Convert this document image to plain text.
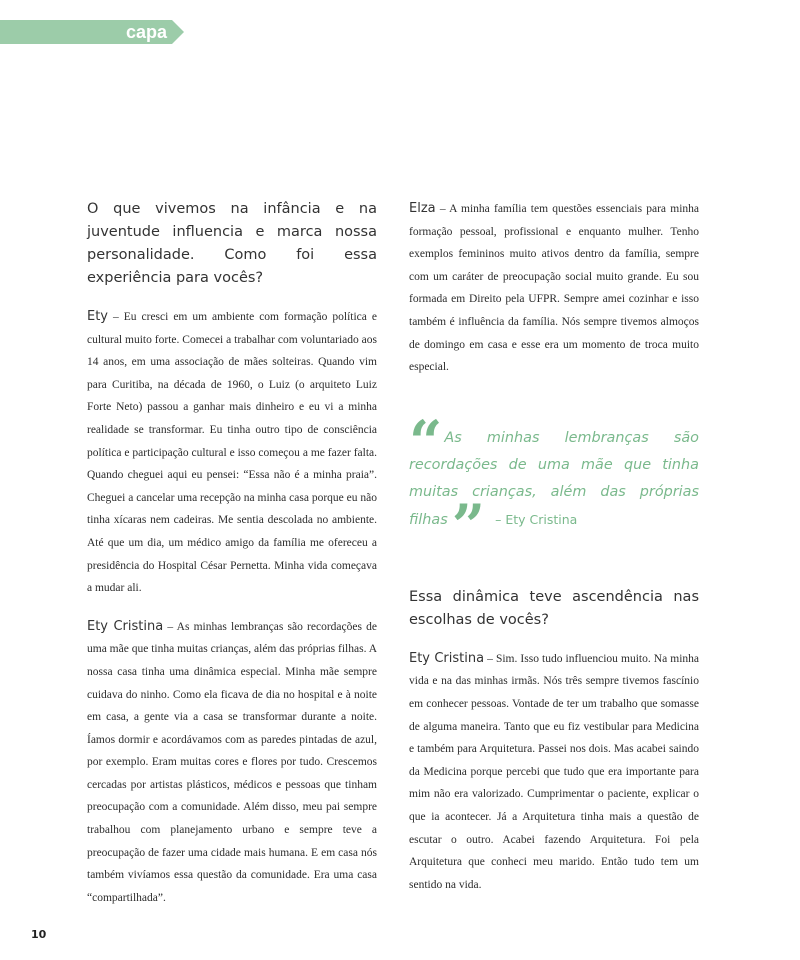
capa

O que vivemos na infância e na juventude influencia e marca nossa personalidade. Como foi essa experiência para vocês?

Ety – Eu cresci em um ambiente com formação política e cultural muito forte. Comecei a trabalhar com voluntariado aos 14 anos, em uma associação de mães solteiras. Quando vim para Curitiba, na década de 1960, o Luiz (o arquiteto Luiz Forte Neto) passou a ganhar mais dinheiro e eu vi a minha realidade se transformar. Eu tinha outro tipo de consciência política e participação cultural e isso começou a me fazer falta. Quando cheguei aqui eu pensei: “Essa não é a minha praia”. Cheguei a cancelar uma recepção na minha casa porque eu não tinha xícaras nem cadeiras. Me sentia descolada no ambiente. Até que um dia, um médico amigo da família me ofereceu a presidência do Hospital César Pernetta. Minha vida começava a mudar ali.

Ety Cristina – As minhas lembranças são recordações de uma mãe que tinha muitas crianças, além das próprias filhas. A nossa casa tinha uma dinâmica especial. Minha mãe sempre cuidava do ninho. Como ela ficava de dia no hospital e à noite em casa, a gente via a casa se transformar durante a noite. Íamos dormir e acordávamos com as paredes pintadas de azul, por exemplo. Eram muitas cores e flores por tudo. Crescemos cercadas por artistas plásticos, médicos e pessoas que tinham preocupação com a comunidade. Além disso, meu pai sempre trabalhou com planejamento urbano e sempre teve a preocupação de fazer uma cidade mais humana. E em casa nós também vivíamos essa questão da comunidade. Era uma casa “compartilhada”.

Elza – A minha família tem questões essenciais para minha formação pessoal, profissional e enquanto mulher. Tenho exemplos femininos muito ativos dentro da família, sempre com um caráter de preocupação social muito grande. Eu sou formada em Direito pela UFPR. Sempre amei cozinhar e isso também é influência da família. Nós sempre tivemos almoços de domingo em casa e esse era um momento de troca muito especial.

“ As minhas lembranças são recordações de uma mãe que tinha muitas crianças, além das próprias filhas” – Ety Cristina

Essa dinâmica teve ascendência nas escolhas de vocês?

Ety Cristina – Sim. Isso tudo influenciou muito. Na minha vida e na das minhas irmãs. Nós três sempre tivemos fascínio em conhecer pessoas. Vontade de ter um trabalho que somasse de alguma maneira. Tanto que eu fiz vestibular para Medicina e também para Arquitetura. Passei nos dois. Mas acabei saindo da Medicina porque percebi que tudo que era importante para mim não era valorizado. Cumprimentar o paciente, explicar o que ia acontecer. Já a Arquitetura tinha mais a questão de escutar o outro. Acabei fazendo Arquitetura. Foi pela Arquitetura que conheci meu marido. Então tudo tem um sentido na vida.

10
